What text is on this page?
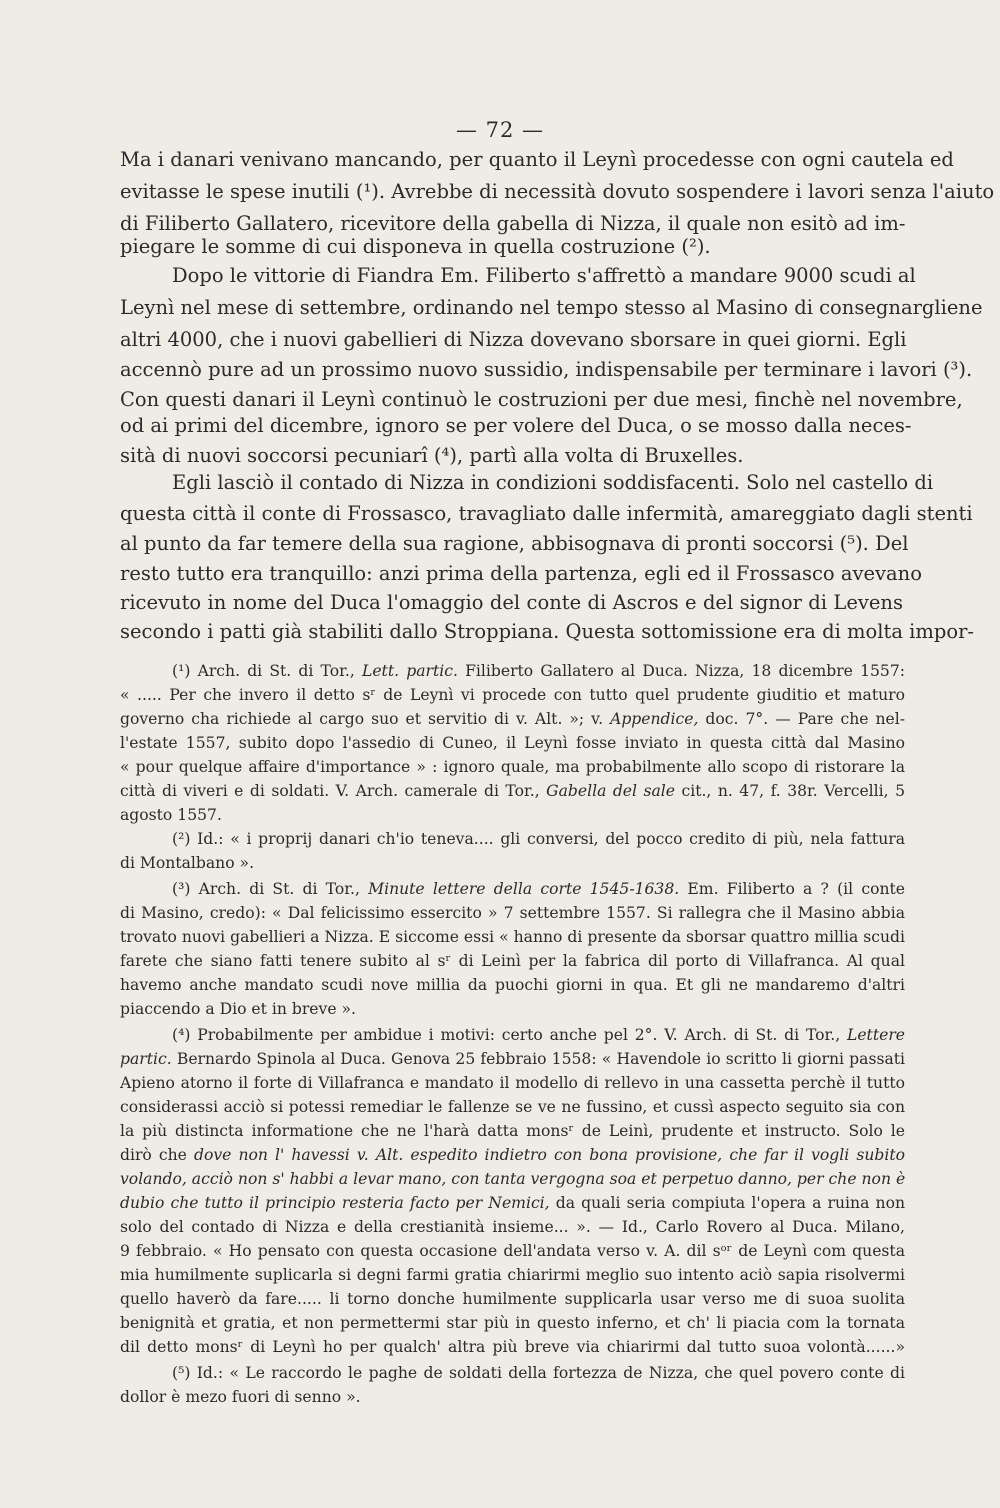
— 72 —
Ma i danari venivano mancando, per quanto il Leynì procedesse con ogni cautela ed
evitasse le spese inutili (¹). Avrebbe di necessità dovuto sospendere i lavori senza l'aiuto
di Filiberto Gallatero, ricevitore della gabella di Nizza, il quale non esitò ad im-
piegare le somme di cui disponeva in quella costruzione (²).
Dopo le vittorie di Fiandra Em. Filiberto s'affrettò a mandare 9000 scudi al
Leynì nel mese di settembre, ordinando nel tempo stesso al Masino di consegnargliene
altri 4000, che i nuovi gabellieri di Nizza dovevano sborsare in quei giorni. Egli
accennò pure ad un prossimo nuovo sussidio, indispensabile per terminare i lavori (³).
Con questi danari il Leynì continuò le costruzioni per due mesi, finchè nel novembre,
od ai primi del dicembre, ignoro se per volere del Duca, o se mosso dalla neces-
sità di nuovi soccorsi pecuniarî (⁴), partì alla volta di Bruxelles.
Egli lasciò il contado di Nizza in condizioni soddisfacenti. Solo nel castello di
questa città il conte di Frossasco, travagliato dalle infermità, amareggiato dagli stenti
al punto da far temere della sua ragione, abbisognava di pronti soccorsi (⁵). Del
resto tutto era tranquillo: anzi prima della partenza, egli ed il Frossasco avevano
ricevuto in nome del Duca l'omaggio del conte di Ascros e del signor di Levens
secondo i patti già stabiliti dallo Stroppiana. Questa sottomissione era di molta impor-
(¹) Arch. di St. di Tor., Lett. partic. Filiberto Gallatero al Duca. Nizza, 18 dicembre 1557:
« ..... Per che invero il detto sʳ de Leynì vi procede con tutto quel prudente giuditio et maturo
governo cha richiede al cargo suo et servitio di v. Alt. »; v. Appendice, doc. 7°. — Pare che nel-
l'estate 1557, subito dopo l'assedio di Cuneo, il Leynì fosse inviato in questa città dal Masino
« pour quelque affaire d'importance » : ignoro quale, ma probabilmente allo scopo di ristorare la
città di viveri e di soldati. V. Arch. camerale di Tor., Gabella del sale cit., n. 47, f. 38r. Vercelli, 5
agosto 1557.
(²) Id.: « i proprij danari ch'io teneva.... gli conversi, del pocco credito di più, nela fattura
di Montalbano ».
(³) Arch. di St. di Tor., Minute lettere della corte 1545-1638. Em. Filiberto a ? (il conte
di Masino, credo): « Dal felicissimo essercito » 7 settembre 1557. Si rallegra che il Masino abbia
trovato nuovi gabellieri a Nizza. E siccome essi « hanno di presente da sborsar quattro millia scudi
farete che siano fatti tenere subito al sʳ di Leinì per la fabrica dil porto di Villafranca. Al qual
havemo anche mandato scudi nove millia da puochi giorni in qua. Et gli ne mandaremo d'altri
piaccendo a Dio et in breve ».
(⁴) Probabilmente per ambidue i motivi: certo anche pel 2°. V. Arch. di St. di Tor., Lettere
partic. Bernardo Spinola al Duca. Genova 25 febbraio 1558: « Havendole io scritto li giorni passati
Apieno atorno il forte di Villafranca e mandato il modello di rellevo in una cassetta perchè il tutto
considerassi acciò si potessi remediar le fallenze se ve ne fussino, et cussì aspecto seguito sia con
la più distincta informatione che ne l'harà datta monsʳ de Leinì, prudente et instructo. Solo le
dirò che dove non l' havessi v. Alt. espedito indietro con bona provisione, che far il vogli subito
volando, acciò non s' habbi a levar mano, con tanta vergogna soa et perpetuo danno, per che non è
dubio che tutto il principio resteria facto per Nemici, da quali seria compiuta l'opera a ruina non
solo del contado di Nizza e della crestianità insieme... ». — Id., Carlo Rovero al Duca. Milano,
9 febbraio. « Ho pensato con questa occasione dell'andata verso v. A. dil sᵒʳ de Leynì com questa
mia humilmente suplicarla si degni farmi gratia chiarirmi meglio suo intento aciò sapia risolvermi
quello haverò da fare..... li torno donche humilmente supplicarla usar verso me di suoa suolita
benignità et gratia, et non permettermi star più in questo inferno, et ch' li piacia com la tornata
dil detto monsʳ di Leynì ho per qualch' altra più breve via chiarirmi dal tutto suoa volontà......»
(⁵) Id.: « Le raccordo le paghe de soldati della fortezza de Nizza, che quel povero conte di
dollor è mezo fuori di senno ».
